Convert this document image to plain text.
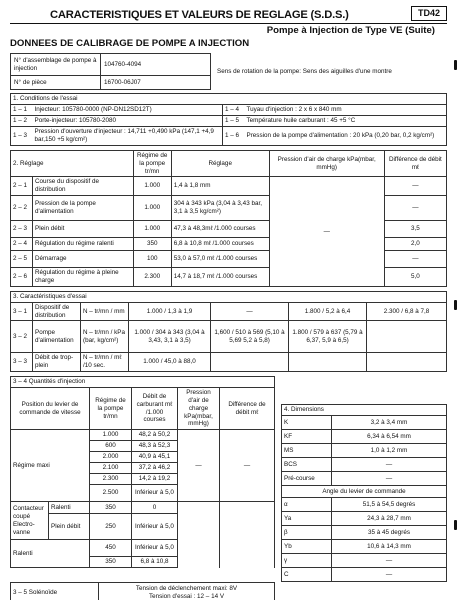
CARACTERISTIQUES ET VALEURS DE REGLAGE (S.D.S.)	TD42
Pompe à Injection de Type VE (Suite)
DONNEES DE CALIBRAGE DE POMPE A INJECTION
N° d'assemblage de pompe à injection	104760-4094	Sens de rotation de la pompe: Sens des aiguilles d'une montre
N° de pièce	16700-06J07	
1. Conditions de l'essai			
1 – 1	Injecteur: 105780-0000 (NP-DN12SD12T)	1 – 4	Tuyau d'injection : 2 x 6 x 840 mm
1 – 2	Porte-injecteur: 105780-2080	1 – 5	Température huile carburant : 45 +5 °C
1 – 3	Pression d'ouverture d'injecteur : 14,711 +0,490 kPa (147,1 +4,9 bar,150 +5 kg/cm²)	1 – 6	Pression de la pompe d'alimentation : 20 kPa (0,20 bar, 0,2 kg/cm²)
2. Réglage		Régime de la pompe tr/mn	Réglage	Pression d'air de charge kPa(mbar, mmHg)	Différence de débit mℓ
2 – 1	Course du dispositif de distribution	1.000	1,4 à 1,8 mm	—	—
2 – 2	Pression de la pompe d'alimentation	1.000	304 à 343 kPa (3,04 à 3,43 bar, 3,1 à 3,5 kg/cm²)		—
2 – 3	Plein débit	1.000	47,3 à 48,3mℓ /1.000 courses		3,5
2 – 4	Régulation du régime ralenti	350	6,8 à 10,8 mℓ /1.000 courses		2,0
2 – 5	Démarrage	100	53,0 à 57,0 mℓ /1.000 courses		—
2 – 6	Régulation du régime à pleine charge	2.300	14,7 à 18,7 mℓ /1.000 courses		5,0
3. Caractéristiques d'essai						
3 – 1	Dispositif de distribution	N – tr/mn / mm	1.000 / 1,3 à 1,9	—	1.800 / 5,2 à 6,4	2.300 / 6,8 à 7,8
3 – 2	Pompe d'alimentation	N – tr/mn / kPa (bar, kg/cm²)	1.000 / 304 à 343 (3,04 à 3,43, 3,1 à 3,5)	1,600 / 510 à 569 (5,10 à 5,69 5,2 à 5,8)	1.800 / 579 à 637 (5,79 à 6,37, 5,9 à 6,5)	
3 – 3	Débit de trop-plein	N – tr/mn / mℓ /10 sec.	1.000 / 45,0 à 88,0			
3 – 4 Quantités d'injection					
Position du levier de commande de vitesse		Régime de la pompe tr/mn	Débit de carburant mℓ /1.000 courses	Pression d'air de charge kPa(mbar, mmHg)	Différence de débit mℓ
Régime maxi		1.000	48,2 à 50,2	—	—
		600	48,3 à 52,3		
		2.000	40,9 à 45,1		
		2.100	37,2 à 46,2		
		2.300	14,2 à 19,2		
		2.500	Inférieur à 5,0		
Contacteur coupé Electro-vanne	Ralenti	350	0		
	Plein débit	250	Inférieur à 5,0		
Ralenti		450	Inférieur à 5,0		
		350	6,8 à 10,8		
4. Dimensions	
K	3,2 à 3,4 mm
KF	6,34 à 6,54 mm
MS	1,0 à 1,2 mm
BCS	—
Pré-course	—
Angle du levier de commande	
α	51,5 à 54,5 degrés
Ya	24,3 à 28,7 mm
β	35 à 45 degrés
Yb	10,6 à 14,3 mm
γ	—
C	—
3 – 5 Solénoïde	
Tension de déclenchement maxi: 8V
Tension d'essai : 12 – 14 V
